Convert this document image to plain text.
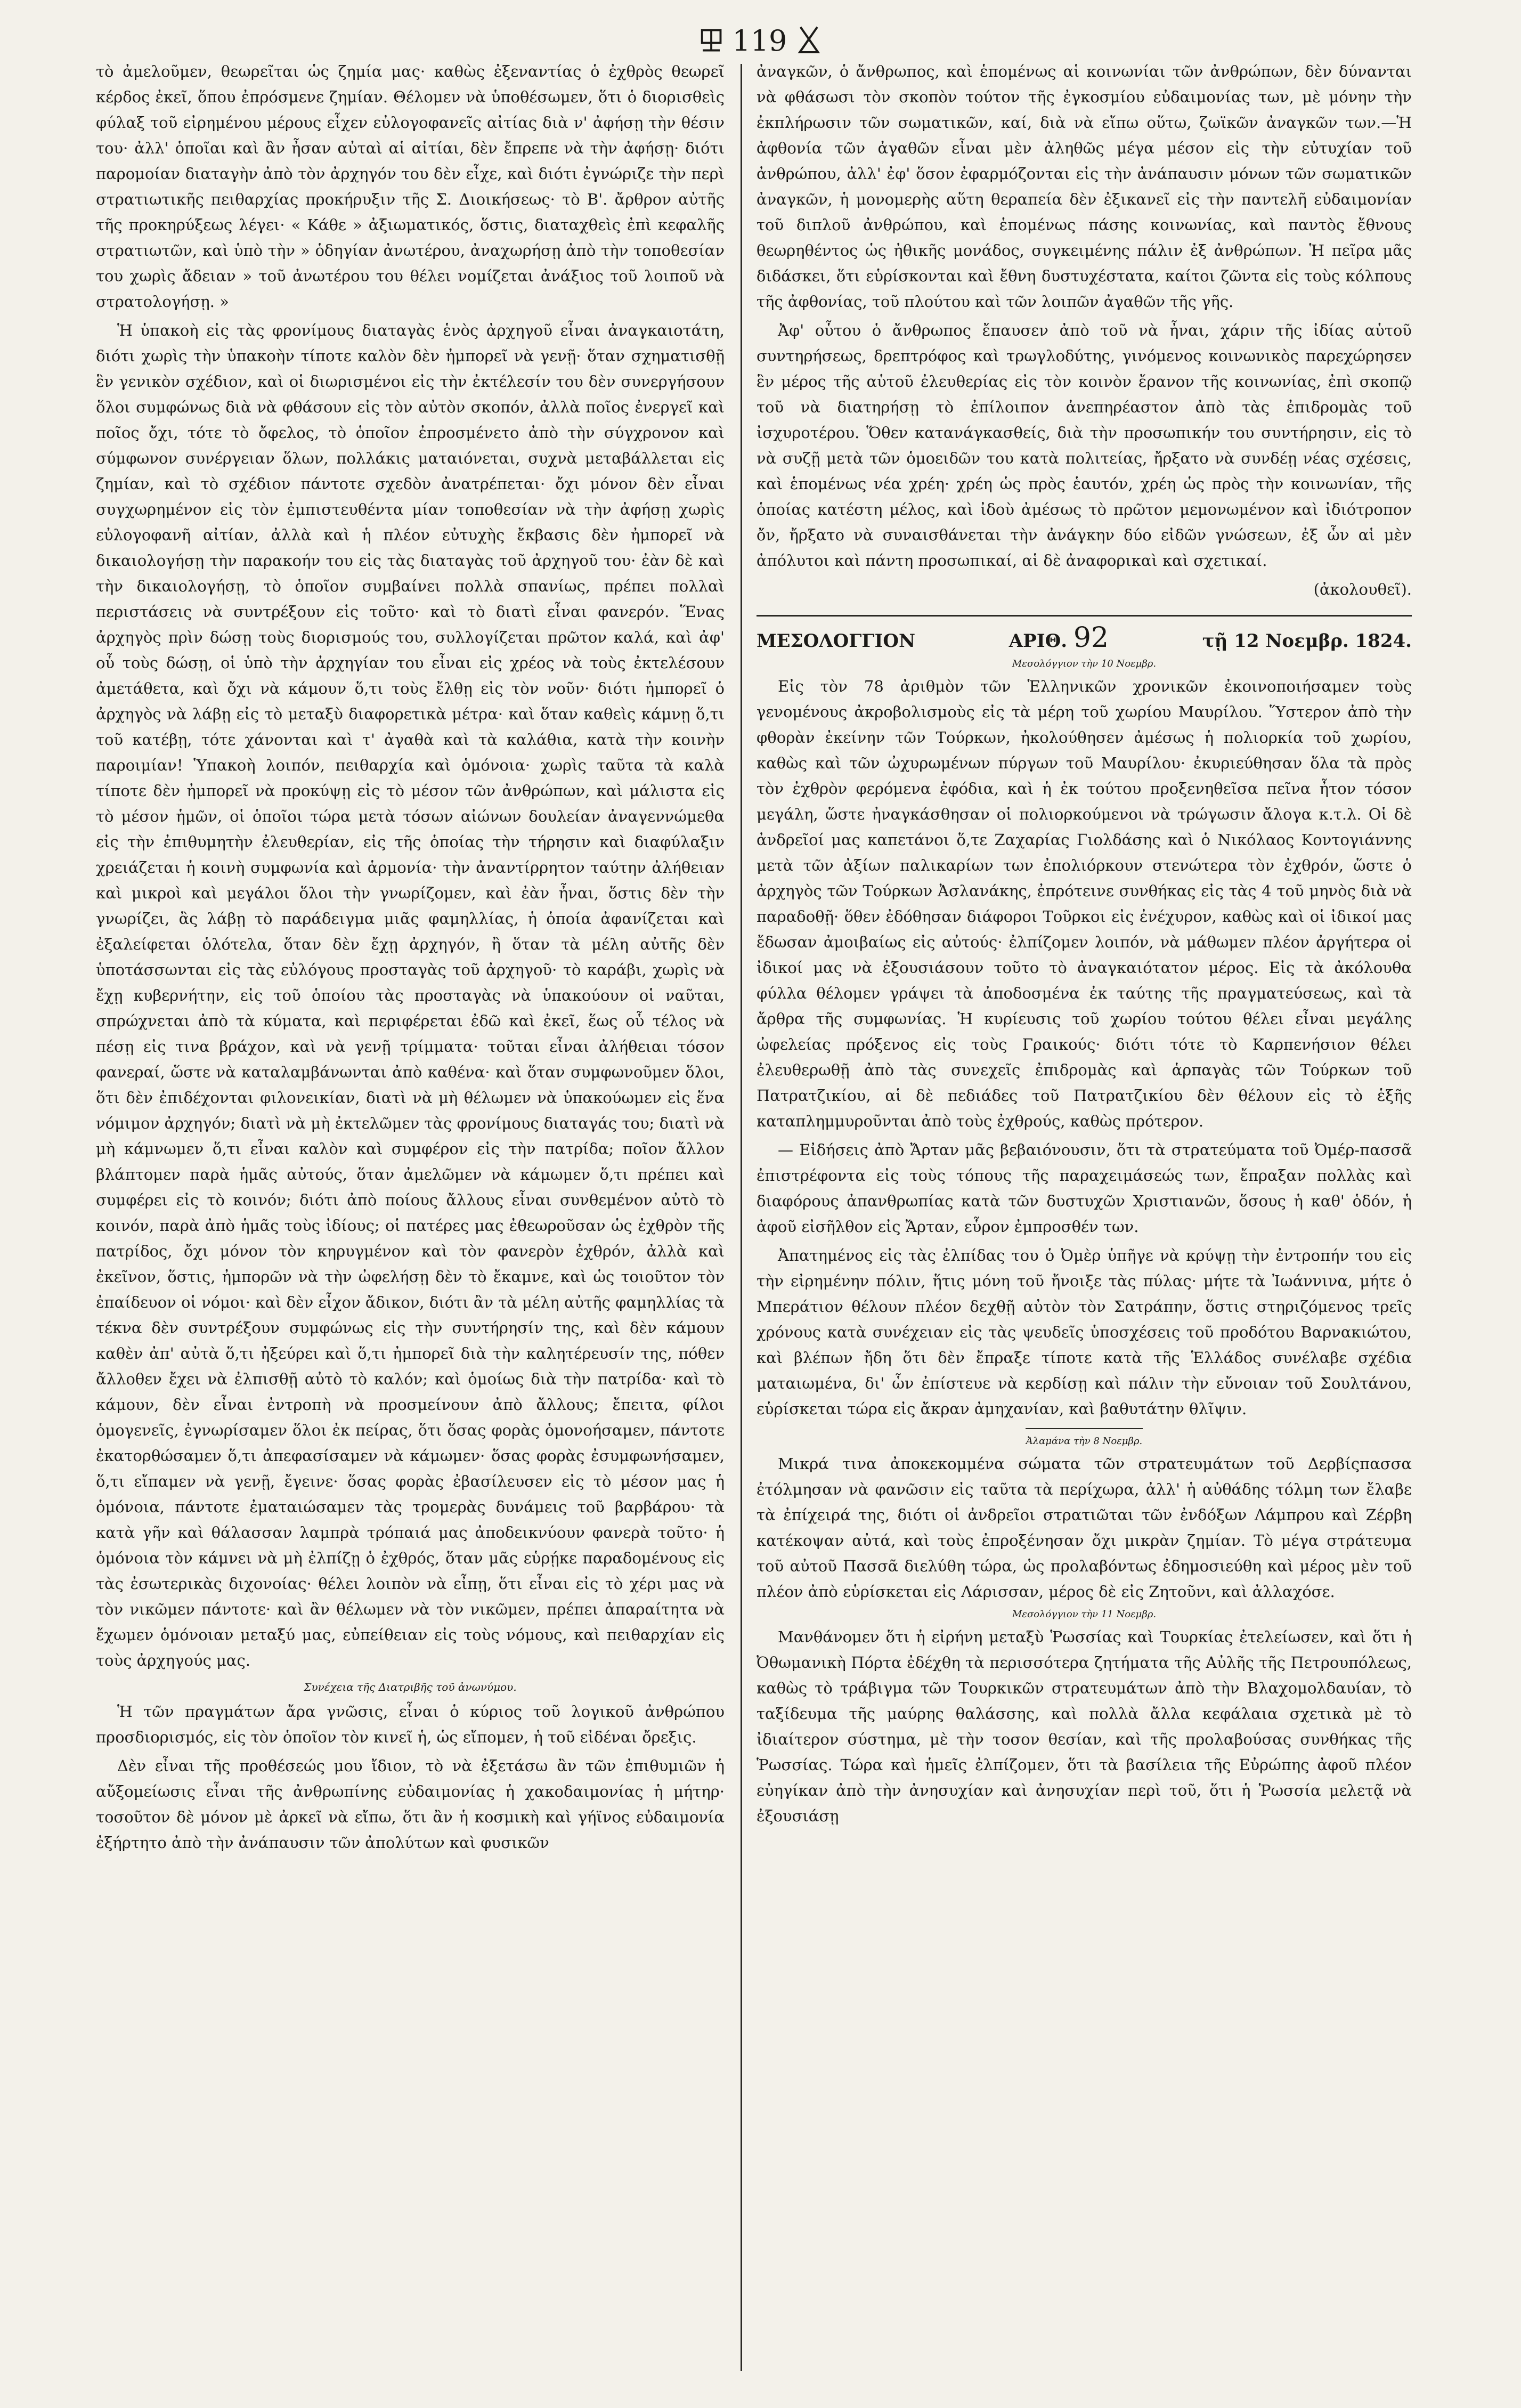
⯶ 119 ⯷

τὸ ἀμελοῦμεν, θεωρεῖται ὡς ζημία μας· καθὼς ἐξεναντίας ὁ ἐχθρὸς θεωρεῖ κέρδος ἐκεῖ, ὅπου ἐπρόσμενε ζημίαν. Θέλομεν νὰ ὑποθέσωμεν, ὅτι ὁ διορισθεὶς φύλαξ τοῦ εἰρημένου μέρους εἶχεν εὐλογοφανεῖς αἰτίας διὰ ν' ἀφήσῃ τὴν θέσιν του· ἀλλ' ὁποῖαι καὶ ἂν ἦσαν αὐταὶ αἱ αἰτίαι, δὲν ἔπρεπε νὰ τὴν ἀφήσῃ· διότι παρομοίαν διαταγὴν ἀπὸ τὸν ἀρχηγόν του δὲν εἶχε, καὶ διότι ἐγνώριζε τὴν περὶ στρατιωτικῆς πειθαρχίας προκήρυξιν τῆς Σ. Διοικήσεως· τὸ Β'. ἄρθρον αὐτῆς τῆς προκηρύξεως λέγει· « Κάθε » ἀξιωματικός, ὅστις, διαταχθεὶς ἐπὶ κεφαλῆς στρατιωτῶν, καὶ ὑπὸ τὴν » ὁδηγίαν ἀνωτέρου, ἀναχωρήσῃ ἀπὸ τὴν τοποθεσίαν του χωρὶς ἄδειαν » τοῦ ἀνωτέρου του θέλει νομίζεται ἀνάξιος τοῦ λοιποῦ νὰ στρατολογήσῃ. »

Ἡ ὑπακοὴ εἰς τὰς φρονίμους διαταγὰς ἑνὸς ἀρχηγοῦ εἶναι ἀναγκαιοτάτη, διότι χωρὶς τὴν ὑπακοὴν τίποτε καλὸν δὲν ἠμπορεῖ νὰ γενῇ· ὅταν σχηματισθῇ ἓν γενικὸν σχέδιον, καὶ οἱ διωρισμένοι εἰς τὴν ἐκτέλεσίν του δὲν συνεργήσουν ὅλοι συμφώνως διὰ νὰ φθάσουν εἰς τὸν αὐτὸν σκοπόν, ἀλλὰ ποῖος ἐνεργεῖ καὶ ποῖος ὄχι, τότε τὸ ὄφελος, τὸ ὁποῖον ἐπροσμένετο ἀπὸ τὴν σύγχρονον καὶ σύμφωνον συνέργειαν ὅλων, πολλάκις ματαιόνεται, συχνὰ μεταβάλλεται εἰς ζημίαν, καὶ τὸ σχέδιον πάντοτε σχεδὸν ἀνατρέπεται· ὄχι μόνον δὲν εἶναι συγχωρημένον εἰς τὸν ἐμπιστευθέντα μίαν τοποθεσίαν νὰ τὴν ἀφήσῃ χωρὶς εὐλογοφανῆ αἰτίαν, ἀλλὰ καὶ ἡ πλέον εὐτυχὴς ἔκβασις δὲν ἠμπορεῖ νὰ δικαιολογήσῃ τὴν παρακοήν του εἰς τὰς διαταγὰς τοῦ ἀρχηγοῦ του· ἐὰν δὲ καὶ τὴν δικαιολογήσῃ, τὸ ὁποῖον συμβαίνει πολλὰ σπανίως, πρέπει πολλαὶ περιστάσεις νὰ συντρέξουν εἰς τοῦτο· καὶ τὸ διατὶ εἶναι φανερόν. Ἕνας ἀρχηγὸς πρὶν δώσῃ τοὺς διορισμούς του, συλλογίζεται πρῶτον καλά, καὶ ἀφ' οὗ τοὺς δώσῃ, οἱ ὑπὸ τὴν ἀρχηγίαν του εἶναι εἰς χρέος νὰ τοὺς ἐκτελέσουν ἀμετάθετα, καὶ ὄχι νὰ κάμουν ὅ,τι τοὺς ἔλθῃ εἰς τὸν νοῦν· διότι ἠμπορεῖ ὁ ἀρχηγὸς νὰ λάβῃ εἰς τὸ μεταξὺ διαφορετικὰ μέτρα· καὶ ὅταν καθεὶς κάμνῃ ὅ,τι τοῦ κατέβῃ, τότε χάνονται καὶ τ' ἀγαθὰ καὶ τὰ καλάθια, κατὰ τὴν κοινὴν παροιμίαν! Ὑπακοὴ λοιπόν, πειθαρχία καὶ ὁμόνοια· χωρὶς ταῦτα τὰ καλὰ τίποτε δὲν ἠμπορεῖ νὰ προκύψῃ εἰς τὸ μέσον τῶν ἀνθρώπων, καὶ μάλιστα εἰς τὸ μέσον ἡμῶν, οἱ ὁποῖοι τώρα μετὰ τόσων αἰώνων δουλείαν ἀναγεννώμεθα εἰς τὴν ἐπιθυμητὴν ἐλευθερίαν, εἰς τῆς ὁποίας τὴν τήρησιν καὶ διαφύλαξιν χρειάζεται ἡ κοινὴ συμφωνία καὶ ἁρμονία· τὴν ἀναντίρρητον ταύτην ἀλήθειαν καὶ μικροὶ καὶ μεγάλοι ὅλοι τὴν γνωρίζομεν, καὶ ἐὰν ἦναι, ὅστις δὲν τὴν γνωρίζει, ἂς λάβῃ τὸ παράδειγμα μιᾶς φαμηλλίας, ἡ ὁποία ἀφανίζεται καὶ ἐξαλείφεται ὁλότελα, ὅταν δὲν ἔχῃ ἀρχηγόν, ἢ ὅταν τὰ μέλη αὐτῆς δὲν ὑποτάσσωνται εἰς τὰς εὐλόγους προσταγὰς τοῦ ἀρχηγοῦ· τὸ καράβι, χωρὶς νὰ ἔχῃ κυβερνήτην, εἰς τοῦ ὁποίου τὰς προσταγὰς νὰ ὑπακούουν οἱ ναῦται, σπρώχνεται ἀπὸ τὰ κύματα, καὶ περιφέρεται ἐδῶ καὶ ἐκεῖ, ἕως οὗ τέλος νὰ πέσῃ εἰς τινα βράχον, καὶ νὰ γενῇ τρίμματα· τοῦται εἶναι ἀλήθειαι τόσον φανεραί, ὥστε νὰ καταλαμβάνωνται ἀπὸ καθένα· καὶ ὅταν συμφωνοῦμεν ὅλοι, ὅτι δὲν ἐπιδέχονται φιλονεικίαν, διατὶ νὰ μὴ θέλωμεν νὰ ὑπακούωμεν εἰς ἕνα νόμιμον ἀρχηγόν; διατὶ νὰ μὴ ἐκτελῶμεν τὰς φρονίμους διαταγάς του; διατὶ νὰ μὴ κάμνωμεν ὅ,τι εἶναι καλὸν καὶ συμφέρον εἰς τὴν πατρίδα; ποῖον ἄλλον βλάπτομεν παρὰ ἡμᾶς αὐτούς, ὅταν ἀμελῶμεν νὰ κάμωμεν ὅ,τι πρέπει καὶ συμφέρει εἰς τὸ κοινόν; διότι ἀπὸ ποίους ἄλλους εἶναι συνθεμένον αὐτὸ τὸ κοινόν, παρὰ ἀπὸ ἡμᾶς τοὺς ἰδίους; οἱ πατέρες μας ἐθεωροῦσαν ὡς ἐχθρὸν τῆς πατρίδος, ὄχι μόνον τὸν κηρυγμένον καὶ τὸν φανερὸν ἐχθρόν, ἀλλὰ καὶ ἐκεῖνον, ὅστις, ἠμπορῶν νὰ τὴν ὠφελήσῃ δὲν τὸ ἔκαμνε, καὶ ὡς τοιοῦτον τὸν ἐπαίδευον οἱ νόμοι· καὶ δὲν εἶχον ἄδικον, διότι ἂν τὰ μέλη αὐτῆς φαμηλλίας τὰ τέκνα δὲν συντρέξουν συμφώνως εἰς τὴν συντήρησίν της, καὶ δὲν κάμουν καθὲν ἀπ' αὐτὰ ὅ,τι ἠξεύρει καὶ ὅ,τι ἠμπορεῖ διὰ τὴν καλητέρευσίν της, πόθεν ἄλλοθεν ἔχει νὰ ἐλπισθῇ αὐτὸ τὸ καλόν; καὶ ὁμοίως διὰ τὴν πατρίδα· καὶ τὸ κάμουν, δὲν εἶναι ἐντροπὴ νὰ προσμείνουν ἀπὸ ἄλλους; ἔπειτα, φίλοι ὁμογενεῖς, ἐγνωρίσαμεν ὅλοι ἐκ πείρας, ὅτι ὅσας φορὰς ὁμονοήσαμεν, πάντοτε ἐκατορθώσαμεν ὅ,τι ἀπεφασίσαμεν νὰ κάμωμεν· ὅσας φορὰς ἐσυμφωνήσαμεν, ὅ,τι εἴπαμεν νὰ γενῇ, ἔγεινε· ὅσας φορὰς ἐβασίλευσεν εἰς τὸ μέσον μας ἡ ὁμόνοια, πάντοτε ἐματαιώσαμεν τὰς τρομερὰς δυνάμεις τοῦ βαρβάρου· τὰ κατὰ γῆν καὶ θάλασσαν λαμπρὰ τρόπαιά μας ἀποδεικνύουν φανερὰ τοῦτο· ἡ ὁμόνοια τὸν κάμνει νὰ μὴ ἐλπίζῃ ὁ ἐχθρός, ὅταν μᾶς εὑρῄκε παραδομένους εἰς τὰς ἐσωτερικὰς διχονοίας· θέλει λοιπὸν νὰ εἶπῃ, ὅτι εἶναι εἰς τὸ χέρι μας νὰ τὸν νικῶμεν πάντοτε· καὶ ἂν θέλωμεν νὰ τὸν νικῶμεν, πρέπει ἀπαραίτητα νὰ ἔχωμεν ὁμόνοιαν μεταξύ μας, εὐπείθειαν εἰς τοὺς νόμους, καὶ πειθαρχίαν εἰς τοὺς ἀρχηγούς μας.

Συνέχεια τῆς Διατριβῆς τοῦ ἀνωνύμου.

Ἡ τῶν πραγμάτων ἄρα γνῶσις, εἶναι ὁ κύριος τοῦ λογικοῦ ἀνθρώπου προσδιορισμός, εἰς τὸν ὁποῖον τὸν κινεῖ ἡ, ὡς εἴπομεν, ἡ τοῦ εἰδέναι ὄρεξις.

Δὲν εἶναι τῆς προθέσεώς μου ἴδιον, τὸ νὰ ἐξετάσω ἂν τῶν ἐπιθυμιῶν ἡ αὔξομείωσις εἶναι τῆς ἀνθρωπίνης εὐδαιμονίας ἡ χακοδαιμονίας ἡ μήτηρ· τοσοῦτον δὲ μόνον μὲ ἀρκεῖ νὰ εἴπω, ὅτι ἂν ἡ κοσμικὴ καὶ γήϊνος εὐδαιμονία ἐξήρτητο ἀπὸ τὴν ἀνάπαυσιν τῶν ἀπολύτων καὶ φυσικῶν

ἀναγκῶν, ὁ ἄνθρωπος, καὶ ἑπομένως αἱ κοινωνίαι τῶν ἀνθρώπων, δὲν δύνανται νὰ φθάσωσι τὸν σκοπὸν τούτον τῆς ἐγκοσμίου εὐδαιμονίας των, μὲ μόνην τὴν ἐκπλήρωσιν τῶν σωματικῶν, καί, διὰ νὰ εἴπω οὕτω, ζωϊκῶν ἀναγκῶν των.—Ἡ ἀφθονία τῶν ἀγαθῶν εἶναι μὲν ἀληθῶς μέγα μέσον εἰς τὴν εὐτυχίαν τοῦ ἀνθρώπου, ἀλλ' ἐφ' ὅσον ἐφαρμόζονται εἰς τὴν ἀνάπαυσιν μόνων τῶν σωματικῶν ἀναγκῶν, ἡ μονομερὴς αὕτη θεραπεία δὲν ἐξικανεῖ εἰς τὴν παντελῆ εὐδαιμονίαν τοῦ διπλοῦ ἀνθρώπου, καὶ ἑπομένως πάσης κοινωνίας, καὶ παντὸς ἔθνους θεωρηθέντος ὡς ἠθικῆς μονάδος, συγκειμένης πάλιν ἐξ ἀνθρώπων. Ἡ πεῖρα μᾶς διδάσκει, ὅτι εὑρίσκονται καὶ ἔθνη δυστυχέστατα, καίτοι ζῶντα εἰς τοὺς κόλπους τῆς ἀφθονίας, τοῦ πλούτου καὶ τῶν λοιπῶν ἀγαθῶν τῆς γῆς.

Ἀφ' οὗτου ὁ ἄνθρωπος ἔπαυσεν ἀπὸ τοῦ νὰ ἦναι, χάριν τῆς ἰδίας αὑτοῦ συντηρήσεως, δρεπτρόφος καὶ τρωγλοδύτης, γινόμενος κοινωνικὸς παρεχώρησεν ἓν μέρος τῆς αὑτοῦ ἐλευθερίας εἰς τὸν κοινὸν ἔρανον τῆς κοινωνίας, ἐπὶ σκοπῷ τοῦ νὰ διατηρήσῃ τὸ ἐπίλοιπον ἀνεπηρέαστον ἀπὸ τὰς ἐπιδρομὰς τοῦ ἰσχυροτέρου. Ὅθεν κατανάγκασθείς, διὰ τὴν προσωπικήν του συντήρησιν, εἰς τὸ νὰ συζῇ μετὰ τῶν ὁμοειδῶν του κατὰ πολιτείας, ἤρξατο νὰ συνδέῃ νέας σχέσεις, καὶ ἑπομένως νέα χρέη· χρέη ὡς πρὸς ἑαυτόν, χρέη ὡς πρὸς τὴν κοινωνίαν, τῆς ὁποίας κατέστη μέλος, καὶ ἰδοὺ ἀμέσως τὸ πρῶτον μεμονωμένον καὶ ἰδιότροπον ὄν, ἤρξατο νὰ συναισθάνεται τὴν ἀνάγκην δύο εἰδῶν γνώσεων, ἐξ ὧν αἱ μὲν ἀπόλυτοι καὶ πάντη προσωπικαί, αἱ δὲ ἀναφορικαὶ καὶ σχετικαί.

(ἀκολουθεῖ).
ΜΕΣΟΛΟΓΓΙΟΝ	ΑΡΙΘ. 92	τῇ 12 Νοεμβρ. 1824.
Μεσολόγγιον τὴν 10 Νοεμβρ.

Εἰς τὸν 78 ἀριθμὸν τῶν Ἑλληνικῶν χρονικῶν ἐκοινοποιήσαμεν τοὺς γενομένους ἀκροβολισμοὺς εἰς τὰ μέρη τοῦ χωρίου Μαυρίλου. Ὕστερον ἀπὸ τὴν φθορὰν ἐκείνην τῶν Τούρκων, ἠκολούθησεν ἀμέσως ἡ πολιορκία τοῦ χωρίου, καθὼς καὶ τῶν ὠχυρωμένων πύργων τοῦ Μαυρίλου· ἐκυριεύθησαν ὅλα τὰ πρὸς τὸν ἐχθρὸν φερόμενα ἐφόδια, καὶ ἡ ἐκ τούτου προξενηθεῖσα πεῖνα ἦτον τόσον μεγάλη, ὥστε ἠναγκάσθησαν οἱ πολιορκούμενοι νὰ τρώγωσιν ἄλογα κ.τ.λ. Οἱ δὲ ἀνδρεῖοί μας καπετάνοι ὅ,τε Ζαχαρίας Γιολδάσης καὶ ὁ Νικόλαος Κοντογιάννης μετὰ τῶν ἀξίων παλικαρίων των ἐπολιόρκουν στενώτερα τὸν ἐχθρόν, ὥστε ὁ ἀρχηγὸς τῶν Τούρκων Ἀσλανάκης, ἐπρότεινε συνθήκας εἰς τὰς 4 τοῦ μηνὸς διὰ νὰ παραδοθῇ· ὅθεν ἐδόθησαν διάφοροι Τοῦρκοι εἰς ἐνέχυρον, καθὼς καὶ οἱ ἰδικοί μας ἔδωσαν ἀμοιβαίως εἰς αὐτούς· ἐλπίζομεν λοιπόν, νὰ μάθωμεν πλέον ἀργήτερα οἱ ἰδικοί μας νὰ ἐξουσιάσουν τοῦτο τὸ ἀναγκαιότατον μέρος. Εἰς τὰ ἀκόλουθα φύλλα θέλομεν γράψει τὰ ἀποδοσμένα ἐκ ταύτης τῆς πραγματεύσεως, καὶ τὰ ἄρθρα τῆς συμφωνίας. Ἡ κυρίευσις τοῦ χωρίου τούτου θέλει εἶναι μεγάλης ὠφελείας πρόξενος εἰς τοὺς Γραικούς· διότι τότε τὸ Καρπενήσιον θέλει ἐλευθερωθῇ ἀπὸ τὰς συνεχεῖς ἐπιδρομὰς καὶ ἁρπαγὰς τῶν Τούρκων τοῦ Πατρατζικίου, αἱ δὲ πεδιάδες τοῦ Πατρατζικίου δὲν θέλουν εἰς τὸ ἑξῆς καταπλημμυροῦνται ἀπὸ τοὺς ἐχθρούς, καθὼς πρότερον.

— Εἰδήσεις ἀπὸ Ἄρταν μᾶς βεβαιόνουσιν, ὅτι τὰ στρατεύματα τοῦ Ὀμέρ-πασσᾶ ἐπιστρέφοντα εἰς τοὺς τόπους τῆς παραχειμάσεώς των, ἔπραξαν πολλὰς καὶ διαφόρους ἀπανθρωπίας κατὰ τῶν δυστυχῶν Χριστιανῶν, ὅσους ἡ καθ' ὁδόν, ἡ ἀφοῦ εἰσῆλθον εἰς Ἄρταν, εὗρον ἐμπροσθέν των.

Ἀπατημένος εἰς τὰς ἐλπίδας του ὁ Ὀμὲρ ὑπῆγε νὰ κρύψῃ τὴν ἐντροπήν του εἰς τὴν εἰρημένην πόλιν, ἥτις μόνη τοῦ ἤνοιξε τὰς πύλας· μήτε τὰ Ἰωάννινα, μήτε ὁ Μπεράτιον θέλουν πλέον δεχθῇ αὐτὸν τὸν Σατράπην, ὅστις στηριζόμενος τρεῖς χρόνους κατὰ συνέχειαν εἰς τὰς ψευδεῖς ὑποσχέσεις τοῦ προδότου Βαρνακιώτου, καὶ βλέπων ἤδη ὅτι δὲν ἔπραξε τίποτε κατὰ τῆς Ἑλλάδος συνέλαβε σχέδια ματαιωμένα, δι' ὧν ἐπίστευε νὰ κερδίσῃ καὶ πάλιν τὴν εὔνοιαν τοῦ Σουλτάνου, εὑρίσκεται τώρα εἰς ἄκραν ἀμηχανίαν, καὶ βαθυτάτην θλῖψιν.

Ἀλαμάνα τὴν 8 Νοεμβρ.

Μικρά τινα ἀποκεκομμένα σώματα τῶν στρατευμάτων τοῦ Δερβίςπασσα ἐτόλμησαν νὰ φανῶσιν εἰς ταῦτα τὰ περίχωρα, ἀλλ' ἡ αὐθάδης τόλμη των ἔλαβε τὰ ἐπίχειρά της, διότι οἱ ἀνδρεῖοι στρατιῶται τῶν ἐνδόξων Λάμπρου καὶ Ζέρβη κατέκοψαν αὐτά, καὶ τοὺς ἐπροξένησαν ὄχι μικρὰν ζημίαν. Τὸ μέγα στράτευμα τοῦ αὐτοῦ Πασσᾶ διελύθη τώρα, ὡς προλαβόντως ἐδημοσιεύθη καὶ μέρος μὲν τοῦ πλέον ἀπὸ εὑρίσκεται εἰς Λάρισσαν, μέρος δὲ εἰς Ζητοῦνι, καὶ ἀλλαχόσε.

Μεσολόγγιον τὴν 11 Νοεμβρ.

Μανθάνομεν ὅτι ἡ εἰρήνη μεταξὺ Ῥωσσίας καὶ Τουρκίας ἐτελείωσεν, καὶ ὅτι ἡ Ὀθωμανικὴ Πόρτα ἐδέχθη τὰ περισσότερα ζητήματα τῆς Αὐλῆς τῆς Πετρουπόλεως, καθὼς τὸ τράβιγμα τῶν Τουρκικῶν στρατευμάτων ἀπὸ τὴν Βλαχομολδαυίαν, τὸ ταξίδευμα τῆς μαύρης θαλάσσης, καὶ πολλὰ ἄλλα κεφάλαια σχετικὰ μὲ τὸ ἰδιαίτερον σύστημα, μὲ τὴν τοσον θεσίαν, καὶ τῆς προλαβούσας συνθήκας τῆς Ῥωσσίας. Τώρα καὶ ἡμεῖς ἐλπίζομεν, ὅτι τὰ βασίλεια τῆς Εὐρώπης ἀφοῦ πλέον εὐηγίκαν ἀπὸ τὴν ἀνησυχίαν καὶ ἀνησυχίαν περὶ τοῦ, ὅτι ἡ Ῥωσσία μελετᾷ νὰ ἐξουσιάσῃ
